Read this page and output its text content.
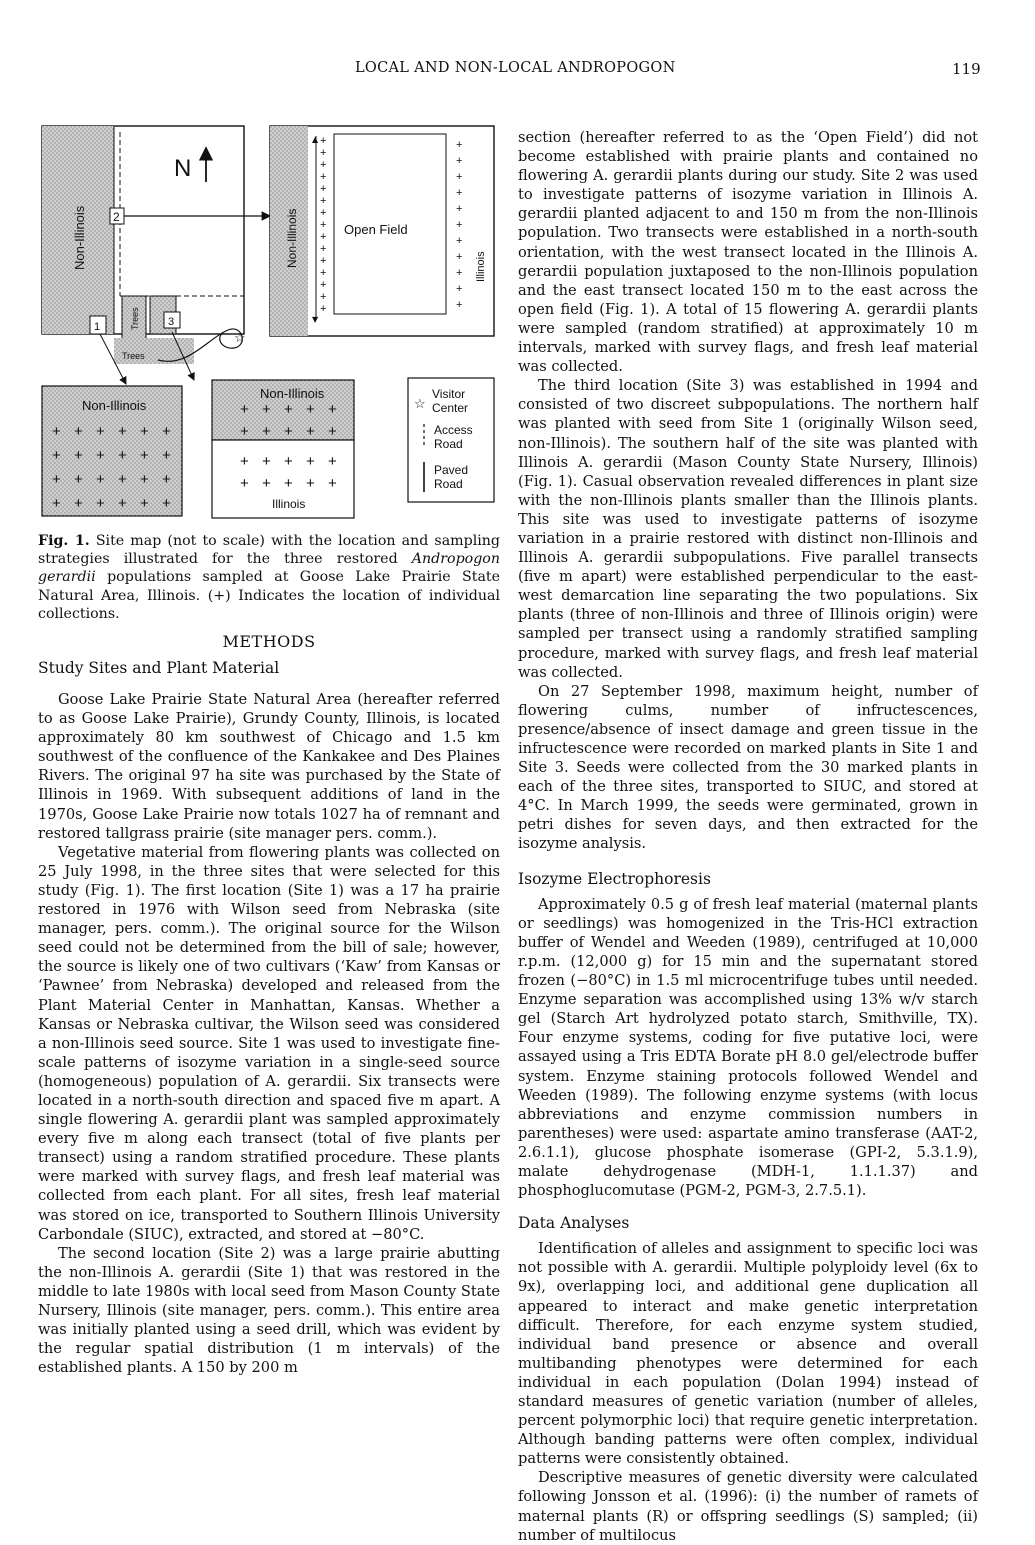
LOCAL AND NON-LOCAL ANDROPOGON	119
Non-Illinois 2
N
Trees	3
1
Trees
☆
Non-Illinois
▲
▼
+
+
+
+
+
+
+
+
+
+
+
+
+
+
+
+
+
+
+
+
+
+
+
+
+
+
Open Field
Illinois
Non-Illinois
+ + + + + +
+ + + + + +
+ + + + + +
+ + + + + +
Non-Illinois
Illinois
+ + + + +
+ + + + +
+ + + + +
+ + + + +
☆
Visitor
Center
Access
Road
Paved
Road
Fig. 1. Site map (not to scale) with the location and sampling strategies illustrated for the three restored Andropogon gerardii populations sampled at Goose Lake Prairie State Natural Area, Illinois. (+) Indicates the location of individual collections.
METHODS
Study Sites and Plant Material

Goose Lake Prairie State Natural Area (hereafter referred to as Goose Lake Prairie), Grundy County, Illinois, is located approximately 80 km southwest of Chicago and 1.5 km southwest of the confluence of the Kankakee and Des Plaines Rivers. The original 97 ha site was purchased by the State of Illinois in 1969. With subsequent additions of land in the 1970s, Goose Lake Prairie now totals 1027 ha of remnant and restored tallgrass prairie (site manager pers. comm.).

Vegetative material from flowering plants was collected on 25 July 1998, in the three sites that were selected for this study (Fig. 1). The first location (Site 1) was a 17 ha prairie restored in 1976 with Wilson seed from Nebraska (site manager, pers. comm.). The original source for the Wilson seed could not be determined from the bill of sale; however, the source is likely one of two cultivars (‘Kaw’ from Kansas or ‘Pawnee’ from Nebraska) developed and released from the Plant Material Center in Manhattan, Kansas. Whether a Kansas or Nebraska cultivar, the Wilson seed was considered a non-Illinois seed source. Site 1 was used to investigate fine-scale patterns of isozyme variation in a single-seed source (homogeneous) population of A. gerardii. Six transects were located in a north-south direction and spaced five m apart. A single flowering A. gerardii plant was sampled approximately every five m along each transect (total of five plants per transect) using a random stratified procedure. These plants were marked with survey flags, and fresh leaf material was collected from each plant. For all sites, fresh leaf material was stored on ice, transported to Southern Illinois University Carbondale (SIUC), extracted, and stored at −80°C.

The second location (Site 2) was a large prairie abutting the non-Illinois A. gerardii (Site 1) that was restored in the middle to late 1980s with local seed from Mason County State Nursery, Illinois (site manager, pers. comm.). This entire area was initially planted using a seed drill, which was evident by the regular spatial distribution (1 m intervals) of the established plants. A 150 by 200 m

section (hereafter referred to as the ‘Open Field’) did not become established with prairie plants and contained no flowering A. gerardii plants during our study. Site 2 was used to investigate patterns of isozyme variation in Illinois A. gerardii planted adjacent to and 150 m from the non-Illinois population. Two transects were established in a north-south orientation, with the west transect located in the Illinois A. gerardii population juxtaposed to the non-Illinois population and the east transect located 150 m to the east across the open field (Fig. 1). A total of 15 flowering A. gerardii plants were sampled (random stratified) at approximately 10 m intervals, marked with survey flags, and fresh leaf material was collected.

The third location (Site 3) was established in 1994 and consisted of two discreet subpopulations. The northern half was planted with seed from Site 1 (originally Wilson seed, non-Illinois). The southern half of the site was planted with Illinois A. gerardii (Mason County State Nursery, Illinois) (Fig. 1). Casual observation revealed differences in plant size with the non-Illinois plants smaller than the Illinois plants. This site was used to investigate patterns of isozyme variation in a prairie restored with distinct non-Illinois and Illinois A. gerardii subpopulations. Five parallel transects (five m apart) were established perpendicular to the east-west demarcation line separating the two populations. Six plants (three of non-Illinois and three of Illinois origin) were sampled per transect using a randomly stratified sampling procedure, marked with survey flags, and fresh leaf material was collected.

On 27 September 1998, maximum height, number of flowering culms, number of infructescences, presence/absence of insect damage and green tissue in the infructescence were recorded on marked plants in Site 1 and Site 3. Seeds were collected from the 30 marked plants in each of the three sites, transported to SIUC, and stored at 4°C. In March 1999, the seeds were germinated, grown in petri dishes for seven days, and then extracted for the isozyme analysis.

Isozyme Electrophoresis

Approximately 0.5 g of fresh leaf material (maternal plants or seedlings) was homogenized in the Tris-HCl extraction buffer of Wendel and Weeden (1989), centrifuged at 10,000 r.p.m. (12,000 g) for 15 min and the supernatant stored frozen (−80°C) in 1.5 ml microcentrifuge tubes until needed. Enzyme separation was accomplished using 13% w/v starch gel (Starch Art hydrolyzed potato starch, Smithville, TX). Four enzyme systems, coding for five putative loci, were assayed using a Tris EDTA Borate pH 8.0 gel/electrode buffer system. Enzyme staining protocols followed Wendel and Weeden (1989). The following enzyme systems (with locus abbreviations and enzyme commission numbers in parentheses) were used: aspartate amino transferase (AAT-2, 2.6.1.1), glucose phosphate isomerase (GPI-2, 5.3.1.9), malate dehydrogenase (MDH-1, 1.1.1.37) and phosphoglucomutase (PGM-2, PGM-3, 2.7.5.1).

Data Analyses

Identification of alleles and assignment to specific loci was not possible with A. gerardii. Multiple polyploidy level (6x to 9x), overlapping loci, and additional gene duplication all appeared to interact and make genetic interpretation difficult. Therefore, for each enzyme system studied, individual band presence or absence and overall multibanding phenotypes were determined for each individual in each population (Dolan 1994) instead of standard measures of genetic variation (number of alleles, percent polymorphic loci) that require genetic interpretation. Although banding patterns were often complex, individual patterns were consistently obtained.

Descriptive measures of genetic diversity were calculated following Jonsson et al. (1996): (i) the number of ramets of maternal plants (R) or offspring seedlings (S) sampled; (ii) number of multilocus
